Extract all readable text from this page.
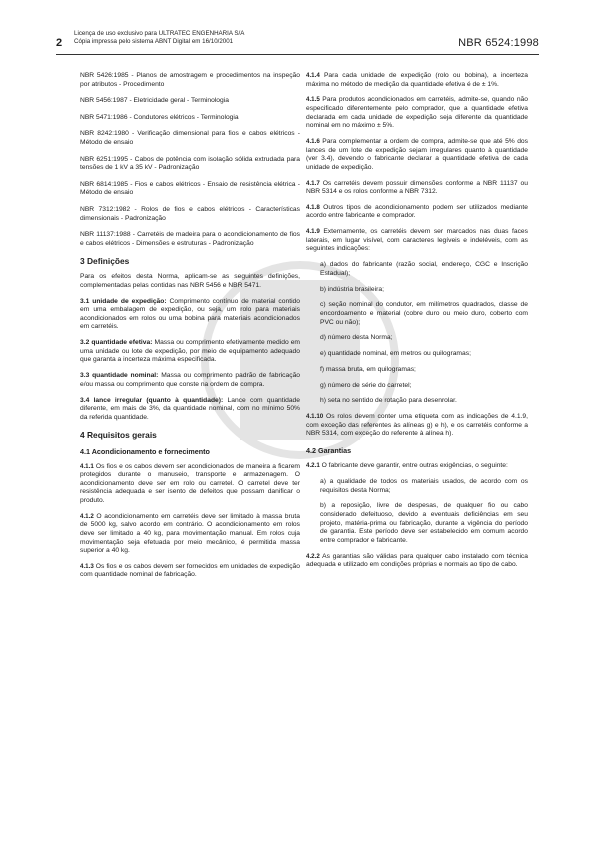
Licença de uso exclusivo para ULTRATEC ENGENHARIA S/A
Cópia impressa pelo sistema ABNT Digital em 16/10/2001
2	NBR 6524:1998
NBR 5426:1985 - Planos de amostragem e procedimentos na inspeção por atributos - Procedimento
NBR 5456:1987 - Eletricidade geral - Terminologia
NBR 5471:1986 - Condutores elétricos - Terminologia
NBR 8242:1980 - Verificação dimensional para fios e cabos elétricos - Método de ensaio
NBR 6251:1995 - Cabos de potência com isolação sólida extrudada para tensões de 1 kV a 35 kV - Padronização
NBR 6814:1985 - Fios e cabos elétricos - Ensaio de resistência elétrica - Método de ensaio
NBR 7312:1982 - Rolos de fios e cabos elétricos - Características dimensionais - Padronização
NBR 11137:1988 - Carretéis de madeira para o acondicionamento de fios e cabos elétricos - Dimensões e estruturas - Padronização
3 Definições

Para os efeitos desta Norma, aplicam-se as seguintes definições, complementadas pelas contidas nas NBR 5456 e NBR 5471.

3.1 unidade de expedição: Comprimento contínuo de material contido em uma embalagem de expedição, ou seja, um rolo para materiais acondicionados em rolos ou uma bobina para materiais acondicionados em carretéis.

3.2 quantidade efetiva: Massa ou comprimento efetivamente medido em uma unidade ou lote de expedição, por meio de equipamento adequado que garanta a incerteza máxima especificada.

3.3 quantidade nominal: Massa ou comprimento padrão de fabricação e/ou massa ou comprimento que conste na ordem de compra.

3.4 lance irregular (quanto à quantidade): Lance com quantidade diferente, em mais de 3%, da quantidade nominal, com no mínimo 50% da referida quantidade.

4 Requisitos gerais
4.1 Acondicionamento e fornecimento

4.1.1 Os fios e os cabos devem ser acondicionados de maneira a ficarem protegidos durante o manuseio, transporte e armazenagem. O acondicionamento deve ser em rolo ou carretel. O carretel deve ter resistência adequada e ser isento de defeitos que possam danificar o produto.

4.1.2 O acondicionamento em carretéis deve ser limitado à massa bruta de 5000 kg, salvo acordo em contrário. O acondicionamento em rolos deve ser limitado a 40 kg, para movimentação manual. Em rolos cuja movimentação seja efetuada por meio mecânico, é permitida massa superior a 40 kg.

4.1.3 Os fios e os cabos devem ser fornecidos em unidades de expedição com quantidade nominal de fabricação.

4.1.4 Para cada unidade de expedição (rolo ou bobina), a incerteza máxima no método de medição da quantidade efetiva é de ± 1%.

4.1.5 Para produtos acondicionados em carretéis, admite-se, quando não especificado diferentemente pelo comprador, que a quantidade efetiva declarada em cada unidade de expedição seja diferente da quantidade nominal em no máximo ± 5%.

4.1.6 Para complementar a ordem de compra, admite-se que até 5% dos lances de um lote de expedição sejam irregulares quanto à quantidade (ver 3.4), devendo o fabricante declarar a quantidade efetiva de cada unidade de expedição.

4.1.7 Os carretéis devem possuir dimensões conforme a NBR 11137 ou NBR 5314 e os rolos conforme a NBR 7312.

4.1.8 Outros tipos de acondicionamento podem ser utilizados mediante acordo entre fabricante e comprador.

4.1.9 Externamente, os carretéis devem ser marcados nas duas faces laterais, em lugar visível, com caracteres legíveis e indeléveis, com as seguintes indicações:

a) dados do fabricante (razão social, endereço, CGC e Inscrição Estadual);

b) indústria brasileira;

c) seção nominal do condutor, em milímetros quadrados, classe de encordoamento e material (cobre duro ou meio duro, coberto com PVC ou não);

d) número desta Norma;

e) quantidade nominal, em metros ou quilogramas;

f) massa bruta, em quilogramas;

g) número de série do carretel;

h) seta no sentido de rotação para desenrolar.

4.1.10 Os rolos devem conter uma etiqueta com as indicações de 4.1.9, com exceção das referentes às alíneas g) e h), e os carretéis conforme a NBR 5314, com exceção do referente à alínea h).

4.2 Garantias

4.2.1 O fabricante deve garantir, entre outras exigências, o seguinte:

a) a qualidade de todos os materiais usados, de acordo com os requisitos desta Norma;

b) a reposição, livre de despesas, de qualquer fio ou cabo considerado defeituoso, devido a eventuais deficiências em seu projeto, matéria-prima ou fabricação, durante a vigência do período de garantia. Este período deve ser estabelecido em comum acordo entre comprador e fabricante.

4.2.2 As garantias são válidas para qualquer cabo instalado com técnica adequada e utilizado em condições próprias e normais ao tipo de cabo.
